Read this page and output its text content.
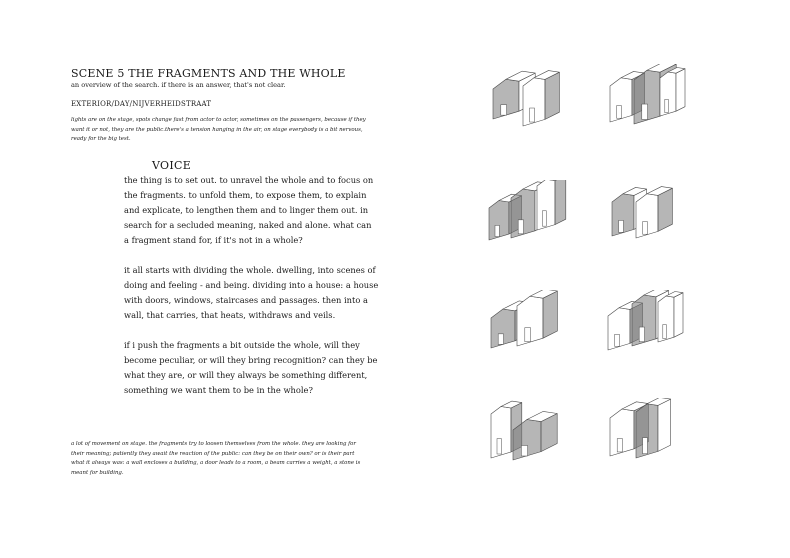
SCENE 5 THE FRAGMENTS AND THE WHOLE
an overview of the search. if there is an answer, that's not clear.
EXTERIOR/DAY/NIJVERHEIDSTRAAT
lights are on the stage, spots change fast from actor to actor, sometimes on the passengers, because if they want it or not, they are the public.there's a tension hanging in the air, on stage everybody is a bit nervous, ready for the big test.
VOICE

the thing is to set out. to unravel the whole and to focus on the fragments. to unfold them, to expose them, to explain and explicate, to lengthen them and to linger them out. in search for a secluded meaning, naked and alone. what can a fragment stand for, if it's not in a whole?

it all starts with dividing the whole. dwelling, into scenes of doing and feeling - and being. dividing into a house: a house with doors, windows, staircases and passages. then into a wall, that carries, that heats, withdraws and veils.

if i push the fragments a bit outside the whole, will they become peculiar, or will they bring recognition? can they be what they are, or will they always be something different, something we want them to be in the whole?

a lot of movement on stage. the fragments try to loosen themselves from the whole. they are looking for their meaning; patiently they await the reaction of the public: can they be on their own? or is their part what it always was: a wall encloses a building, a door leads to a room, a beam carries a weight, a stone is meant for building.
